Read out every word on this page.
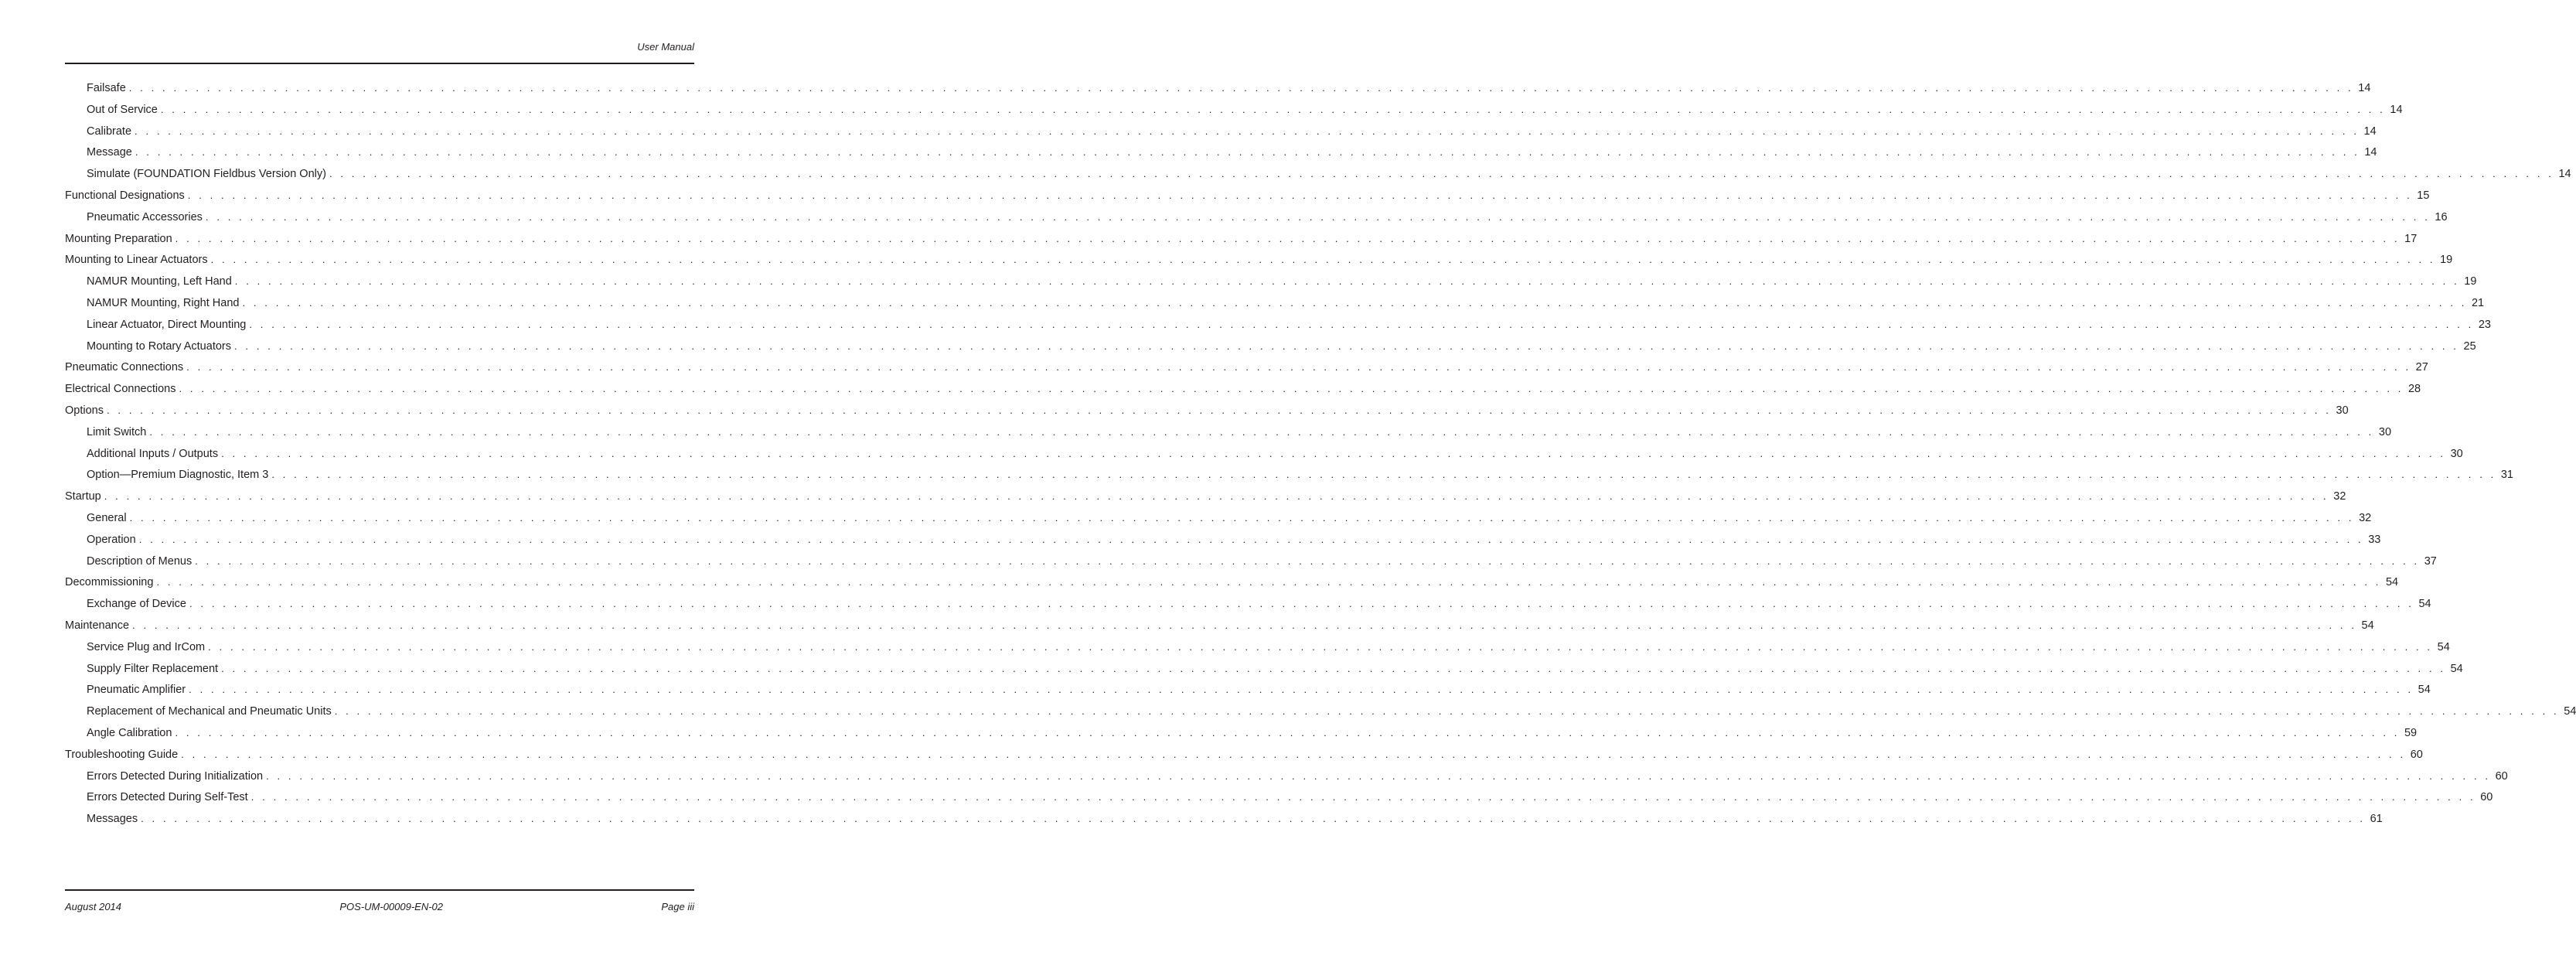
User Manual
Failsafe . . . . . . . . . . . . . . . . . . . . . . . . . . . . . . . . . . . . . . . . . . . . . . . . . . . . . . . . . . . . . . . . . . . . . . . . . . . . . . . . . . . . . . . . . . . . . . . . . . . . . . . . . . . . . . . . . . . . . . . . . . . . . . . . . . . . . . . . . . . . . . . . . . . . . . . . . . . . . . . . . . . . . . . . . . . . . . . . . . . . . . . . . . . . . . . . . . . . . . . . 14
Out of Service . . . . . . . . . . . . . . . . . . . . . . . . . . . . . . . . . . . . . . . . . . . . . . . . . . . . . . . . . . . . . . . . . . . . . . . . . . . . . . . . . . . . . . . . . . . . . . . . . . . . . . . . . . . . . . . . . . . . . . . . . . . . . . . . . . . . . . . . . . . . . . . . . . . . . . . . . . . . . . . . . . . . . . . . . . . . . . . . . . . . . . . . . . . . . . . . . . . . . . . . 14
Calibrate . . . . . . . . . . . . . . . . . . . . . . . . . . . . . . . . . . . . . . . . . . . . . . . . . . . . . . . . . . . . . . . . . . . . . . . . . . . . . . . . . . . . . . . . . . . . . . . . . . . . . . . . . . . . . . . . . . . . . . . . . . . . . . . . . . . . . . . . . . . . . . . . . . . . . . . . . . . . . . . . . . . . . . . . . . . . . . . . . . . . . . . . . . . . . . . . . . . . . . . . 14
Message . . . . . . . . . . . . . . . . . . . . . . . . . . . . . . . . . . . . . . . . . . . . . . . . . . . . . . . . . . . . . . . . . . . . . . . . . . . . . . . . . . . . . . . . . . . . . . . . . . . . . . . . . . . . . . . . . . . . . . . . . . . . . . . . . . . . . . . . . . . . . . . . . . . . . . . . . . . . . . . . . . . . . . . . . . . . . . . . . . . . . . . . . . . . . . . . . . . . . . . . 14
Simulate (FOUNDATION Fieldbus Version Only) . . . . . . . . . . . . . . . . . . . . . . . . . . . . . . . . . . . . . . . . . . . . . . . . . . . . . . . . . . . . . . . . . . . . . . . . . . . . . . . . . . . . . . . . . . . . . . . . . . . . . . . . . . . . . . . . . . . . . . . . . . . . . . . . . . . . . . . . . . . . . . . . . . . . . . . . . . . . . . . . . . . . . . . . . . . . . . . . . . . . . . . . . . . . . . . . . . . . . . . . 14
Functional Designations . . . . . . . . . . . . . . . . . . . . . . . . . . . . . . . . . . . . . . . . . . . . . . . . . . . . . . . . . . . . . . . . . . . . . . . . . . . . . . . . . . . . . . . . . . . . . . . . . . . . . . . . . . . . . . . . . . . . . . . . . . . . . . . . . . . . . . . . . . . . . . . . . . . . . . . . . . . . . . . . . . . . . . . . . . . . . . . . . . . . . . . . . . . . . . . . . . . . . . . . 15
Pneumatic Accessories . . . . . . . . . . . . . . . . . . . . . . . . . . . . . . . . . . . . . . . . . . . . . . . . . . . . . . . . . . . . . . . . . . . . . . . . . . . . . . . . . . . . . . . . . . . . . . . . . . . . . . . . . . . . . . . . . . . . . . . . . . . . . . . . . . . . . . . . . . . . . . . . . . . . . . . . . . . . . . . . . . . . . . . . . . . . . . . . . . . . . . . . . . . . . . . . . . . . . . . . 16
Mounting Preparation . . . . . . . . . . . . . . . . . . . . . . . . . . . . . . . . . . . . . . . . . . . . . . . . . . . . . . . . . . . . . . . . . . . . . . . . . . . . . . . . . . . . . . . . . . . . . . . . . . . . . . . . . . . . . . . . . . . . . . . . . . . . . . . . . . . . . . . . . . . . . . . . . . . . . . . . . . . . . . . . . . . . . . . . . . . . . . . . . . . . . . . . . . . . . . . . . . . . . . . . 17
Mounting to Linear Actuators . . . . . . . . . . . . . . . . . . . . . . . . . . . . . . . . . . . . . . . . . . . . . . . . . . . . . . . . . . . . . . . . . . . . . . . . . . . . . . . . . . . . . . . . . . . . . . . . . . . . . . . . . . . . . . . . . . . . . . . . . . . . . . . . . . . . . . . . . . . . . . . . . . . . . . . . . . . . . . . . . . . . . . . . . . . . . . . . . . . . . . . . . . . . . . . . . . . . . . . . 19
NAMUR Mounting, Left Hand . . . . . . . . . . . . . . . . . . . . . . . . . . . . . . . . . . . . . . . . . . . . . . . . . . . . . . . . . . . . . . . . . . . . . . . . . . . . . . . . . . . . . . . . . . . . . . . . . . . . . . . . . . . . . . . . . . . . . . . . . . . . . . . . . . . . . . . . . . . . . . . . . . . . . . . . . . . . . . . . . . . . . . . . . . . . . . . . . . . . . . . . . . . . . . . . . . . . . . . . 19
NAMUR Mounting, Right Hand . . . . . . . . . . . . . . . . . . . . . . . . . . . . . . . . . . . . . . . . . . . . . . . . . . . . . . . . . . . . . . . . . . . . . . . . . . . . . . . . . . . . . . . . . . . . . . . . . . . . . . . . . . . . . . . . . . . . . . . . . . . . . . . . . . . . . . . . . . . . . . . . . . . . . . . . . . . . . . . . . . . . . . . . . . . . . . . . . . . . . . . . . . . . . . . . . . . . . . . . 21
Linear Actuator, Direct Mounting . . . . . . . . . . . . . . . . . . . . . . . . . . . . . . . . . . . . . . . . . . . . . . . . . . . . . . . . . . . . . . . . . . . . . . . . . . . . . . . . . . . . . . . . . . . . . . . . . . . . . . . . . . . . . . . . . . . . . . . . . . . . . . . . . . . . . . . . . . . . . . . . . . . . . . . . . . . . . . . . . . . . . . . . . . . . . . . . . . . . . . . . . . . . . . . . . . . . . . . . 23
Mounting to Rotary Actuators . . . . . . . . . . . . . . . . . . . . . . . . . . . . . . . . . . . . . . . . . . . . . . . . . . . . . . . . . . . . . . . . . . . . . . . . . . . . . . . . . . . . . . . . . . . . . . . . . . . . . . . . . . . . . . . . . . . . . . . . . . . . . . . . . . . . . . . . . . . . . . . . . . . . . . . . . . . . . . . . . . . . . . . . . . . . . . . . . . . . . . . . . . . . . . . . . . . . . . . . 25
Pneumatic Connections . . . . . . . . . . . . . . . . . . . . . . . . . . . . . . . . . . . . . . . . . . . . . . . . . . . . . . . . . . . . . . . . . . . . . . . . . . . . . . . . . . . . . . . . . . . . . . . . . . . . . . . . . . . . . . . . . . . . . . . . . . . . . . . . . . . . . . . . . . . . . . . . . . . . . . . . . . . . . . . . . . . . . . . . . . . . . . . . . . . . . . . . . . . . . . . . . . . . . . . . 27
Electrical Connections . . . . . . . . . . . . . . . . . . . . . . . . . . . . . . . . . . . . . . . . . . . . . . . . . . . . . . . . . . . . . . . . . . . . . . . . . . . . . . . . . . . . . . . . . . . . . . . . . . . . . . . . . . . . . . . . . . . . . . . . . . . . . . . . . . . . . . . . . . . . . . . . . . . . . . . . . . . . . . . . . . . . . . . . . . . . . . . . . . . . . . . . . . . . . . . . . . . . . . . . 28
Options . . . . . . . . . . . . . . . . . . . . . . . . . . . . . . . . . . . . . . . . . . . . . . . . . . . . . . . . . . . . . . . . . . . . . . . . . . . . . . . . . . . . . . . . . . . . . . . . . . . . . . . . . . . . . . . . . . . . . . . . . . . . . . . . . . . . . . . . . . . . . . . . . . . . . . . . . . . . . . . . . . . . . . . . . . . . . . . . . . . . . . . . . . . . . . . . . . . . . . . . 30
Limit Switch . . . . . . . . . . . . . . . . . . . . . . . . . . . . . . . . . . . . . . . . . . . . . . . . . . . . . . . . . . . . . . . . . . . . . . . . . . . . . . . . . . . . . . . . . . . . . . . . . . . . . . . . . . . . . . . . . . . . . . . . . . . . . . . . . . . . . . . . . . . . . . . . . . . . . . . . . . . . . . . . . . . . . . . . . . . . . . . . . . . . . . . . . . . . . . . . . . . . . . . . 30
Additional Inputs / Outputs . . . . . . . . . . . . . . . . . . . . . . . . . . . . . . . . . . . . . . . . . . . . . . . . . . . . . . . . . . . . . . . . . . . . . . . . . . . . . . . . . . . . . . . . . . . . . . . . . . . . . . . . . . . . . . . . . . . . . . . . . . . . . . . . . . . . . . . . . . . . . . . . . . . . . . . . . . . . . . . . . . . . . . . . . . . . . . . . . . . . . . . . . . . . . . . . . . . . . . . . 30
Option—Premium Diagnostic, Item 3 . . . . . . . . . . . . . . . . . . . . . . . . . . . . . . . . . . . . . . . . . . . . . . . . . . . . . . . . . . . . . . . . . . . . . . . . . . . . . . . . . . . . . . . . . . . . . . . . . . . . . . . . . . . . . . . . . . . . . . . . . . . . . . . . . . . . . . . . . . . . . . . . . . . . . . . . . . . . . . . . . . . . . . . . . . . . . . . . . . . . . . . . . . . . . . . . . . . . . . . . 31
Startup . . . . . . . . . . . . . . . . . . . . . . . . . . . . . . . . . . . . . . . . . . . . . . . . . . . . . . . . . . . . . . . . . . . . . . . . . . . . . . . . . . . . . . . . . . . . . . . . . . . . . . . . . . . . . . . . . . . . . . . . . . . . . . . . . . . . . . . . . . . . . . . . . . . . . . . . . . . . . . . . . . . . . . . . . . . . . . . . . . . . . . . . . . . . . . . . . . . . . . . . 32
General . . . . . . . . . . . . . . . . . . . . . . . . . . . . . . . . . . . . . . . . . . . . . . . . . . . . . . . . . . . . . . . . . . . . . . . . . . . . . . . . . . . . . . . . . . . . . . . . . . . . . . . . . . . . . . . . . . . . . . . . . . . . . . . . . . . . . . . . . . . . . . . . . . . . . . . . . . . . . . . . . . . . . . . . . . . . . . . . . . . . . . . . . . . . . . . . . . . . . . . . 32
Operation . . . . . . . . . . . . . . . . . . . . . . . . . . . . . . . . . . . . . . . . . . . . . . . . . . . . . . . . . . . . . . . . . . . . . . . . . . . . . . . . . . . . . . . . . . . . . . . . . . . . . . . . . . . . . . . . . . . . . . . . . . . . . . . . . . . . . . . . . . . . . . . . . . . . . . . . . . . . . . . . . . . . . . . . . . . . . . . . . . . . . . . . . . . . . . . . . . . . . . . . 33
Description of Menus . . . . . . . . . . . . . . . . . . . . . . . . . . . . . . . . . . . . . . . . . . . . . . . . . . . . . . . . . . . . . . . . . . . . . . . . . . . . . . . . . . . . . . . . . . . . . . . . . . . . . . . . . . . . . . . . . . . . . . . . . . . . . . . . . . . . . . . . . . . . . . . . . . . . . . . . . . . . . . . . . . . . . . . . . . . . . . . . . . . . . . . . . . . . . . . . . . . . . . . . 37
Decommissioning . . . . . . . . . . . . . . . . . . . . . . . . . . . . . . . . . . . . . . . . . . . . . . . . . . . . . . . . . . . . . . . . . . . . . . . . . . . . . . . . . . . . . . . . . . . . . . . . . . . . . . . . . . . . . . . . . . . . . . . . . . . . . . . . . . . . . . . . . . . . . . . . . . . . . . . . . . . . . . . . . . . . . . . . . . . . . . . . . . . . . . . . . . . . . . . . . . . . . . . . 54
Exchange of Device . . . . . . . . . . . . . . . . . . . . . . . . . . . . . . . . . . . . . . . . . . . . . . . . . . . . . . . . . . . . . . . . . . . . . . . . . . . . . . . . . . . . . . . . . . . . . . . . . . . . . . . . . . . . . . . . . . . . . . . . . . . . . . . . . . . . . . . . . . . . . . . . . . . . . . . . . . . . . . . . . . . . . . . . . . . . . . . . . . . . . . . . . . . . . . . . . . . . . . . . 54
Maintenance . . . . . . . . . . . . . . . . . . . . . . . . . . . . . . . . . . . . . . . . . . . . . . . . . . . . . . . . . . . . . . . . . . . . . . . . . . . . . . . . . . . . . . . . . . . . . . . . . . . . . . . . . . . . . . . . . . . . . . . . . . . . . . . . . . . . . . . . . . . . . . . . . . . . . . . . . . . . . . . . . . . . . . . . . . . . . . . . . . . . . . . . . . . . . . . . . . . . . . . . 54
Service Plug and IrCom . . . . . . . . . . . . . . . . . . . . . . . . . . . . . . . . . . . . . . . . . . . . . . . . . . . . . . . . . . . . . . . . . . . . . . . . . . . . . . . . . . . . . . . . . . . . . . . . . . . . . . . . . . . . . . . . . . . . . . . . . . . . . . . . . . . . . . . . . . . . . . . . . . . . . . . . . . . . . . . . . . . . . . . . . . . . . . . . . . . . . . . . . . . . . . . . . . . . . . . . 54
Supply Filter Replacement . . . . . . . . . . . . . . . . . . . . . . . . . . . . . . . . . . . . . . . . . . . . . . . . . . . . . . . . . . . . . . . . . . . . . . . . . . . . . . . . . . . . . . . . . . . . . . . . . . . . . . . . . . . . . . . . . . . . . . . . . . . . . . . . . . . . . . . . . . . . . . . . . . . . . . . . . . . . . . . . . . . . . . . . . . . . . . . . . . . . . . . . . . . . . . . . . . . . . . . . 54
Pneumatic Amplifier . . . . . . . . . . . . . . . . . . . . . . . . . . . . . . . . . . . . . . . . . . . . . . . . . . . . . . . . . . . . . . . . . . . . . . . . . . . . . . . . . . . . . . . . . . . . . . . . . . . . . . . . . . . . . . . . . . . . . . . . . . . . . . . . . . . . . . . . . . . . . . . . . . . . . . . . . . . . . . . . . . . . . . . . . . . . . . . . . . . . . . . . . . . . . . . . . . . . . . . . 54
Replacement of Mechanical and Pneumatic Units . . . . . . . . . . . . . . . . . . . . . . . . . . . . . . . . . . . . . . . . . . . . . . . . . . . . . . . . . . . . . . . . . . . . . . . . . . . . . . . . . . . . . . . . . . . . . . . . . . . . . . . . . . . . . . . . . . . . . . . . . . . . . . . . . . . . . . . . . . . . . . . . . . . . . . . . . . . . . . . . . . . . . . . . . . . . . . . . . . . . . . . . . . . . . . . . . . . . . . . . 54
Angle Calibration . . . . . . . . . . . . . . . . . . . . . . . . . . . . . . . . . . . . . . . . . . . . . . . . . . . . . . . . . . . . . . . . . . . . . . . . . . . . . . . . . . . . . . . . . . . . . . . . . . . . . . . . . . . . . . . . . . . . . . . . . . . . . . . . . . . . . . . . . . . . . . . . . . . . . . . . . . . . . . . . . . . . . . . . . . . . . . . . . . . . . . . . . . . . . . . . . . . . . . . . 59
Troubleshooting Guide . . . . . . . . . . . . . . . . . . . . . . . . . . . . . . . . . . . . . . . . . . . . . . . . . . . . . . . . . . . . . . . . . . . . . . . . . . . . . . . . . . . . . . . . . . . . . . . . . . . . . . . . . . . . . . . . . . . . . . . . . . . . . . . . . . . . . . . . . . . . . . . . . . . . . . . . . . . . . . . . . . . . . . . . . . . . . . . . . . . . . . . . . . . . . . . . . . . . . . . . 60
Errors Detected During Initialization . . . . . . . . . . . . . . . . . . . . . . . . . . . . . . . . . . . . . . . . . . . . . . . . . . . . . . . . . . . . . . . . . . . . . . . . . . . . . . . . . . . . . . . . . . . . . . . . . . . . . . . . . . . . . . . . . . . . . . . . . . . . . . . . . . . . . . . . . . . . . . . . . . . . . . . . . . . . . . . . . . . . . . . . . . . . . . . . . . . . . . . . . . . . . . . . . . . . . . . . 60
Errors Detected During Self-Test . . . . . . . . . . . . . . . . . . . . . . . . . . . . . . . . . . . . . . . . . . . . . . . . . . . . . . . . . . . . . . . . . . . . . . . . . . . . . . . . . . . . . . . . . . . . . . . . . . . . . . . . . . . . . . . . . . . . . . . . . . . . . . . . . . . . . . . . . . . . . . . . . . . . . . . . . . . . . . . . . . . . . . . . . . . . . . . . . . . . . . . . . . . . . . . . . . . . . . . . 60
Messages . . . . . . . . . . . . . . . . . . . . . . . . . . . . . . . . . . . . . . . . . . . . . . . . . . . . . . . . . . . . . . . . . . . . . . . . . . . . . . . . . . . . . . . . . . . . . . . . . . . . . . . . . . . . . . . . . . . . . . . . . . . . . . . . . . . . . . . . . . . . . . . . . . . . . . . . . . . . . . . . . . . . . . . . . . . . . . . . . . . . . . . . . . . . . . . . . . . . . . . . 61
August 2014	POS-UM-00009-EN-02	Page iii
